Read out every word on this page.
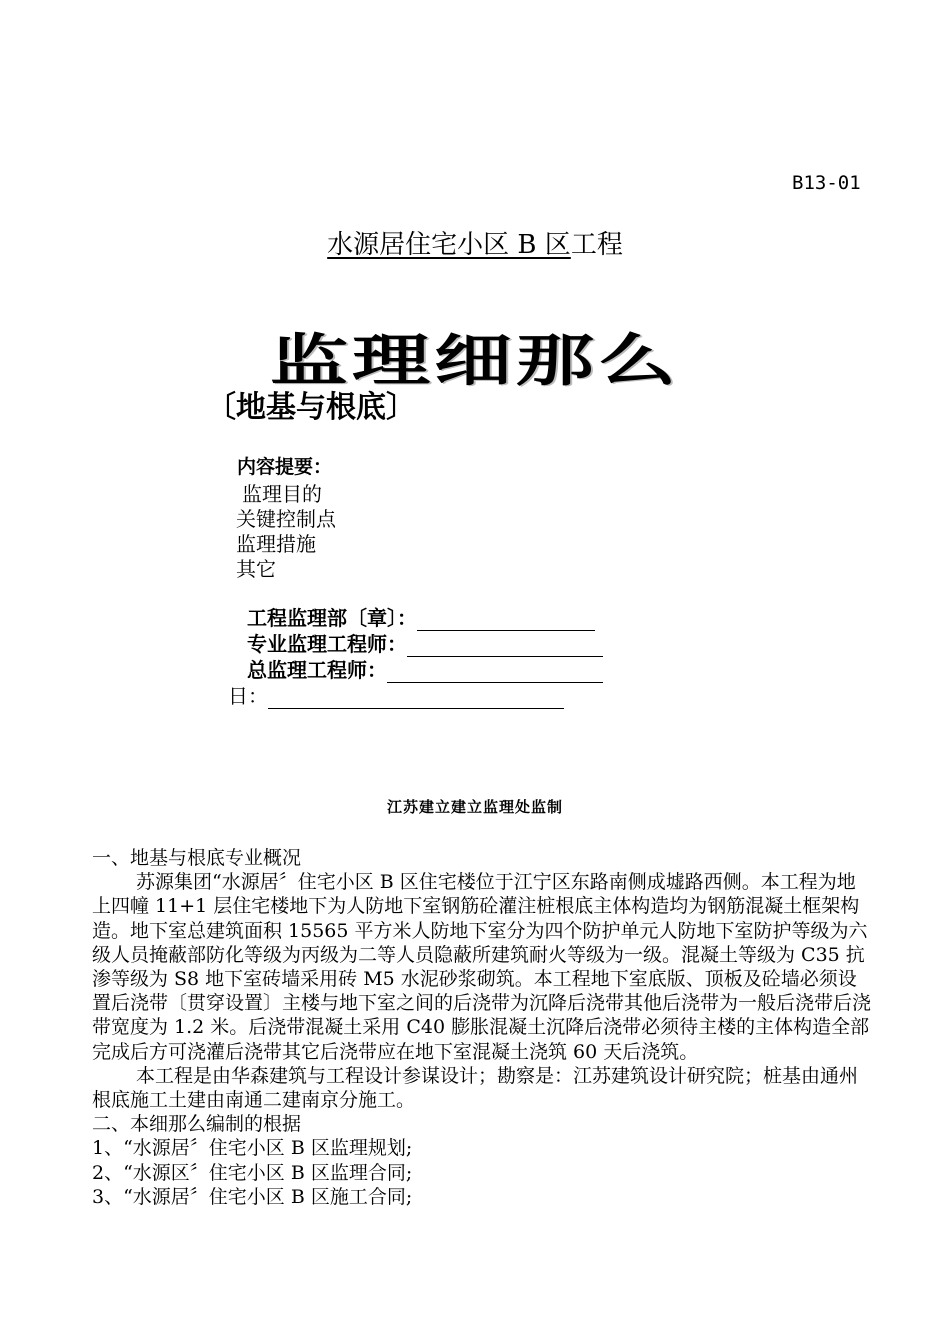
B13-01
水源居住宅小区 B 区工程
监理细那么
〔地基与根底〕
内容提要：
监理目的
关键控制点
监理措施
其它
工程监理部〔章〕：
专业监理工程师：
总监理工程师：
日：
江苏建立建立监理处监制

一、地基与根底专业概况

苏源集团“水源居〞住宅小区 B 区住宅楼位于江宁区东路南侧成墟路西侧。本工程为地上四幢 11+1 层住宅楼地下为人防地下室钢筋砼灌注桩根底主体构造均为钢筋混凝土框架构造。地下室总建筑面积 15565 平方米人防地下室分为四个防护单元人防地下室防护等级为六级人员掩蔽部防化等级为丙级为二等人员隐蔽所建筑耐火等级为一级。混凝土等级为 C35 抗渗等级为 S8 地下室砖墙采用砖 M5 水泥砂浆砌筑。本工程地下室底版、顶板及砼墙必须设置后浇带〔贯穿设置〕主楼与地下室之间的后浇带为沉降后浇带其他后浇带为一般后浇带后浇带宽度为 1.2 米。后浇带混凝土采用 C40 膨胀混凝土沉降后浇带必须待主楼的主体构造全部完成后方可浇灌后浇带其它后浇带应在地下室混凝土浇筑 60 天后浇筑。

本工程是由华森建筑与工程设计参谋设计；勘察是：江苏建筑设计研究院；桩基由通州根底施工土建由南通二建南京分施工。

二、本细那么编制的根据

1、“水源居〞住宅小区 B 区监理规划;

2、“水源区〞住宅小区 B 区监理合同;

3、“水源居〞住宅小区 B 区施工合同;
